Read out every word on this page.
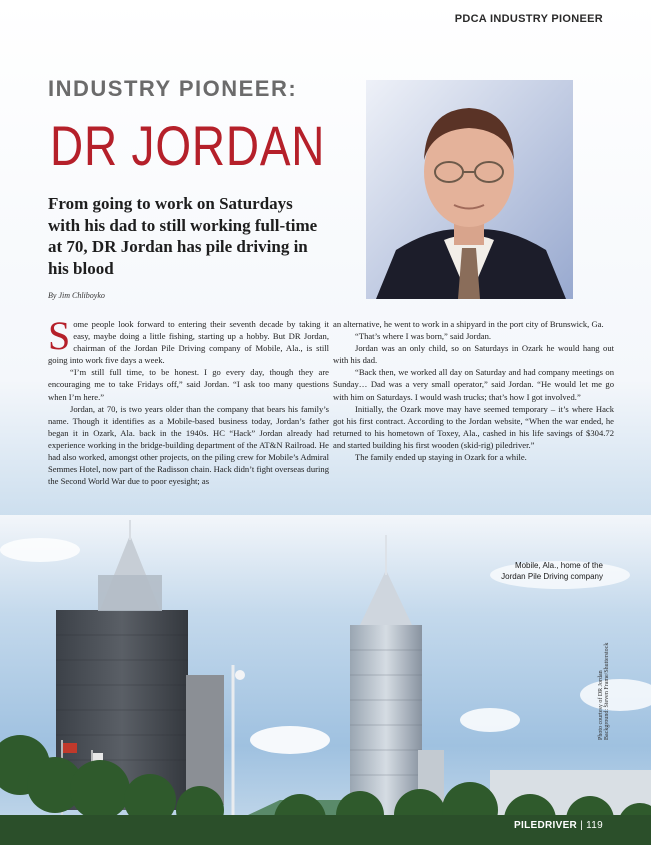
PDCA INDUSTRY PIONEER
INDUSTRY PIONEER:
DR JORDAN
From going to work on Saturdays with his dad to still working full-time at 70, DR Jordan has pile driving in his blood
By Jim Chliboyko

Some people look forward to entering their seventh decade by taking it easy, maybe doing a little fishing, starting up a hobby. But DR Jordan, chairman of the Jordan Pile Driving company of Mobile, Ala., is still going into work five days a week.

“I’m still full time, to be honest. I go every day, though they are encouraging me to take Fridays off,” said Jordan. “I ask too many questions when I’m here.”

Jordan, at 70, is two years older than the company that bears his family’s name. Though it identifies as a Mobile-based business today, Jordan’s father began it in Ozark, Ala. back in the 1940s. HC “Hack” Jordan already had experience working in the bridge-building department of the AT&N Railroad. He had also worked, amongst other projects, on the piling crew for Mobile’s Admiral Semmes Hotel, now part of the Radisson chain. Hack didn’t fight overseas during the Second World War due to poor eyesight; as

an alternative, he went to work in a shipyard in the port city of Brunswick, Ga.

“That’s where I was born,” said Jordan.

Jordan was an only child, so on Saturdays in Ozark he would hang out with his dad.

“Back then, we worked all day on Saturday and had company meetings on Sunday… Dad was a very small operator,” said Jordan. “He would let me go with him on Saturdays. I would wash trucks; that’s how I got involved.”

Initially, the Ozark move may have seemed temporary – it’s where Hack got his first contract. According to the Jordan website, “When the war ended, he returned to his hometown of Toxey, Ala., cashed in his life savings of $304.72 and started building his first wooden (skid-rig) piledriver.”

The family ended up staying in Ozark for a while.

Mobile, Ala., home of the
Jordan Pile Driving company
Photo courtesy of DR Jordan Background: Steven Frame/Shutterstock
PILEDRIVER | 119
